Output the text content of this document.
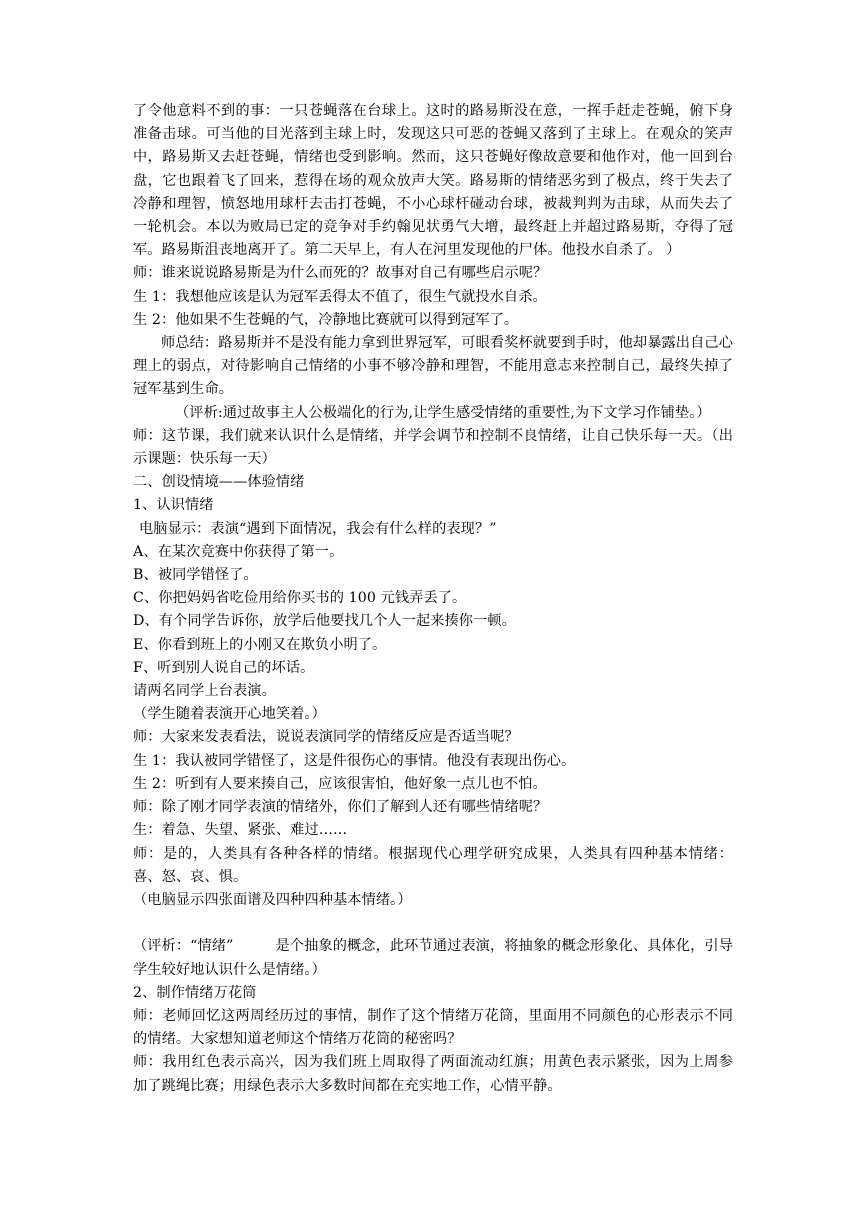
了令他意料不到的事：一只苍蝇落在台球上。这时的路易斯没在意，一挥手赶走苍蝇，俯下身准备击球。可当他的目光落到主球上时，发现这只可恶的苍蝇又落到了主球上。在观众的笑声中，路易斯又去赶苍蝇，情绪也受到影响。然而，这只苍蝇好像故意要和他作对，他一回到台盘，它也跟着飞了回来，惹得在场的观众放声大笑。路易斯的情绪恶劣到了极点，终于失去了冷静和理智，愤怒地用球杆去击打苍蝇，不小心球杆碰动台球，被裁判判为击球，从而失去了一轮机会。本以为败局已定的竞争对手约翰见状勇气大增，最终赶上并超过路易斯，夺得了冠军。路易斯沮丧地离开了。第二天早上，有人在河里发现他的尸体。他投水自杀了。 ）

师：谁来说说路易斯是为什么而死的？故事对自己有哪些启示呢？

生 1：我想他应该是认为冠军丢得太不值了，很生气就投水自杀。

生 2：他如果不生苍蝇的气，冷静地比赛就可以得到冠军了。

师总结：路易斯并不是没有能力拿到世界冠军，可眼看奖杯就要到手时，他却暴露出自己心理上的弱点，对待影响自己情绪的小事不够冷静和理智，不能用意志来控制自己，最终失掉了冠军基到生命。

（评析:通过故事主人公极端化的行为,让学生感受情绪的重要性,为下文学习作铺垫。）

师：这节课，我们就来认识什么是情绪，并学会调节和控制不良情绪，让自己快乐每一天。（出示课题：快乐每一天）

二、创设情境——体验情绪

1、认识情绪

电脑显示：表演“遇到下面情况，我会有什么样的表现？”

A、在某次竞赛中你获得了第一。

B、被同学错怪了。

C、你把妈妈省吃俭用给你买书的 100 元钱弄丢了。

D、有个同学告诉你，放学后他要找几个人一起来揍你一顿。

E、你看到班上的小刚又在欺负小明了。

F、听到别人说自己的坏话。

请两名同学上台表演。

（学生随着表演开心地笑着。）

师：大家来发表看法，说说表演同学的情绪反应是否适当呢？

生 1：我认被同学错怪了，这是件很伤心的事情。他没有表现出伤心。

生 2：听到有人要来揍自己，应该很害怕，他好象一点儿也不怕。

师：除了刚才同学表演的情绪外，你们了解到人还有哪些情绪呢？

生：着急、失望、紧张、难过……

师：是的，人类具有各种各样的情绪。根据现代心理学研究成果，人类具有四种基本情绪：喜、怒、哀、惧。

（电脑显示四张面谱及四种四种基本情绪。）

（评析：“情绪”	是个抽象的概念，此环节通过表演，将抽象的概念形象化、具体化，引导学生较好地认识什么是情绪。）

2、制作情绪万花筒

师：老师回忆这两周经历过的事情，制作了这个情绪万花筒，里面用不同颜色的心形表示不同的情绪。大家想知道老师这个情绪万花筒的秘密吗？

师：我用红色表示高兴，因为我们班上周取得了两面流动红旗；用黄色表示紧张，因为上周参加了跳绳比赛；用绿色表示大多数时间都在充实地工作，心情平静。
